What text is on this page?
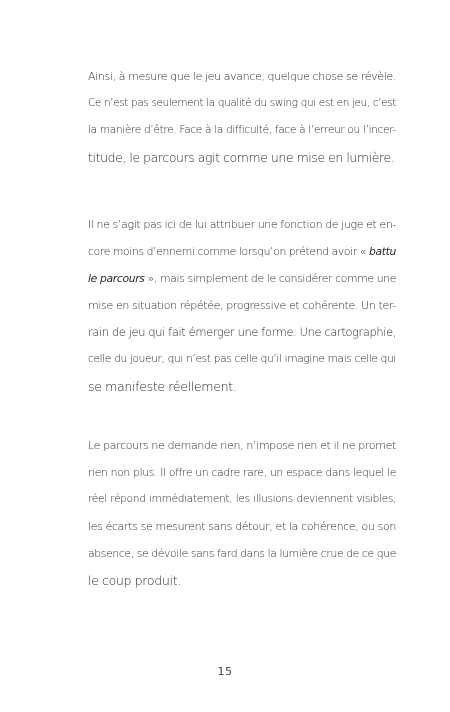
Ainsi, à mesure que le jeu avance, quelque chose se révèle.
Ce n’est pas seulement la qualité du swing qui est en jeu, c’est
la manière d’être. Face à la difficulté, face à l’erreur ou l’incer-
titude, le parcours agit comme une mise en lumière.

Il ne s’agit pas ici de lui attribuer une fonction de juge et en-
core moins d’ennemi comme lorsqu’on prétend avoir « battu
le parcours », mais simplement de le considérer comme une
mise en situation répétée, progressive et cohérente. Un ter-
rain de jeu qui fait émerger une forme. Une cartographie,
celle du joueur, qui n’est pas celle qu’il imagine mais celle qui
se manifeste réellement.

Le parcours ne demande rien, n’impose rien et il ne promet
rien non plus. Il offre un cadre rare, un espace dans lequel le
réel répond immédiatement, les illusions deviennent visibles,
les écarts se mesurent sans détour, et la cohérence, ou son
absence, se dévoile sans fard dans la lumière crue de ce que
le coup produit.

15
